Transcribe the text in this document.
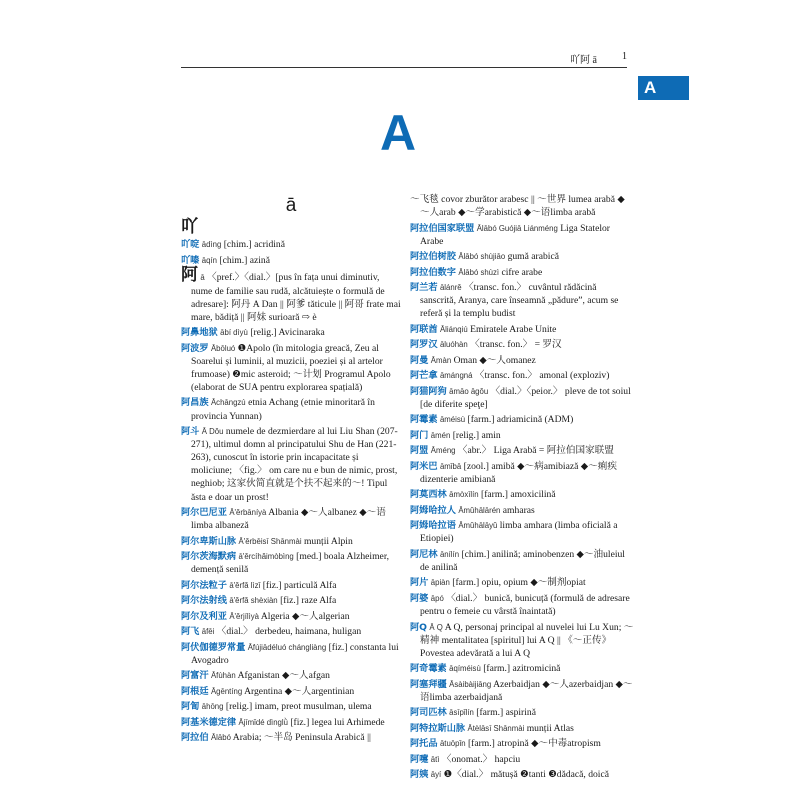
吖阿 ā	1
A
A
ā

吖

吖啶 ādìng [chim.] acridină

吖嗪 āqín [chim.] azină

阿 ā 〈pref.〉〈dial.〉[pus în fața unui diminutiv, nume de familie sau rudă, alcătuiește o formulă de adresare]: 阿丹 A Dan || 阿爹 tăticule || 阿哥 frate mai mare, bădiță || 阿妹 surioară ⇨ è

阿鼻地狱 ābí dìyù [relig.] Avicinaraka

阿波罗 Ābōluó ❶Apolo (în mitologia greacă, Zeu al Soarelui și luminii, al muzicii, poeziei și al artelor frumoase) ❷mic asteroid; ～计划 Programul Apolo (elaborat de SUA pentru explorarea spațială)

阿昌族 Āchāngzú etnia Achang (etnie minoritară în provincia Yunnan)

阿斗 Ā Dǒu numele de dezmierdare al lui Liu Shan (207-271), ultimul domn al principatului Shu de Han (221-263), cunoscut în istorie prin incapacitate și moliciune; 〈fig.〉 om care nu e bun de nimic, prost, neghiob; 这家伙简直就是个扶不起来的～! Tipul ăsta e doar un prost!

阿尔巴尼亚 Ā'ěrbāníyà Albania ◆～人albanez ◆～语limba albaneză

阿尔卑斯山脉 Ā'ěrbēisī Shānmài munții Alpin

阿尔茨海默病 ā'ěrcíhǎimòbìng [med.] boala Alzheimer, demență senilă

阿尔法粒子 ā'ěrfǎ lìzǐ [fiz.] particulă Alfa

阿尔法射线 ā'ěrfǎ shèxiàn [fiz.] raze Alfa

阿尔及利亚 Ā'ěrjílìyà Algeria ◆～人algerian

阿飞 āfēi 〈dial.〉 derbedeu, haimana, huligan

阿伏伽德罗常量 Āfújiādéluó chángliàng [fiz.] constanta lui Avogadro

阿富汗 Āfùhàn Afganistan ◆～人afgan

阿根廷 Āgēntíng Argentina ◆～人argentinian

阿訇 āhōng [relig.] imam, preot musulman, ulema

阿基米德定律 Ājīmǐdé dìnglǜ [fiz.] legea lui Arhimede

阿拉伯 Ālābó Arabia; ～半岛 Peninsula Arabică ||

～飞毯 covor zburător arabesc || ～世界 lumea arabă ◆～人arab ◆～学arabistică ◆～语limba arabă

阿拉伯国家联盟 Ālābó Guójiā Liánméng Liga Statelor Arabe

阿拉伯树胶 Ālābó shùjiāo gumă arabică

阿拉伯数字 Ālābó shùzì cifre arabe

阿兰若 ālánrě 〈transc. fon.〉 cuvântul rădăcină sanscrită, Aranya, care înseamnă „pădure”, acum se referă și la templu budist

阿联酋 Āliánqiú Emiratele Arabe Unite

阿罗汉 āluóhàn 〈transc. fon.〉 = 罗汉

阿曼 Āmàn Oman ◆～人omanez

阿芒拿 āmángná 〈transc. fon.〉 amonal (exploziv)

阿猫阿狗 āmāo āgǒu 〈dial.〉〈peior.〉 pleve de tot soiul [de diferite speţe]

阿霉素 āméisù [farm.] adriamicină (ADM)

阿门 āmén [relig.] amin

阿盟 Āméng 〈abr.〉 Liga Arabă = 阿拉伯国家联盟

阿米巴 āmǐbā [zool.] amibă ◆～病amibiază ◆～痢疾dizenterie amibiană

阿莫西林 āmòxīlín [farm.] amoxicilină

阿姆哈拉人 Āmǔhālārén amharas

阿姆哈拉语 Āmǔhālāyǔ limba amhara (limba oficială a Etiopiei)

阿尼林 ānílín [chim.] anilină; aminobenzen ◆～油uleiul de anilină

阿片 āpiàn [farm.] opiu, opium ◆～制剂opiat

阿婆 āpó 〈dial.〉 bunică, bunicuță (formulă de adresare pentru o femeie cu vârstă înaintată)

阿Q Ā Q A Q, personaj principal al nuvelei lui Lu Xun; ～精神 mentalitatea [spiritul] lui A Q || 《～正传》 Povestea adevărată a lui A Q

阿奇霉素 āqíméisù [farm.] azitromicină

阿塞拜疆 Āsàibàijiāng Azerbaidjan ◆～人azerbaidjan ◆～语limba azerbaidjană

阿司匹林 āsīpǐlín [farm.] aspirină

阿特拉斯山脉 Ātèlāsī Shānmài munții Atlas

阿托品 ātuōpǐn [farm.] atropină ◆～中毒atropism

阿嚏 ātì 〈onomat.〉 hapciu

阿姨 āyí ❶〈dial.〉 mătușă ❷tanti ❸dădacă, doică
